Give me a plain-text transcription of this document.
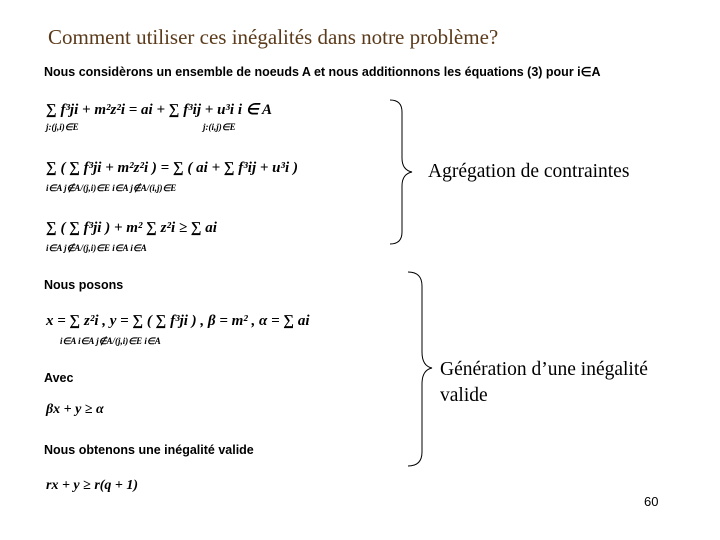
Comment utiliser ces inégalités dans notre problème?
Nous considèrons un ensemble de noeuds A et nous additionnons les équations (3) pour i∈A
∑ f³ji + m²z²i = ai + ∑ f³ij + u³i i ∈ A
j:(j,i)∈E	j:(i,j)∈E
∑ ( ∑ f³ji + m²z²i ) = ∑ ( ai + ∑ f³ij + u³i )
i∈A j∉A/(j,i)∈E i∈A j∉A/(i,j)∈E
∑ ( ∑ f³ji ) + m² ∑ z²i ≥ ∑ ai
i∈A j∉A/(j,i)∈E i∈A i∈A
Nous posons
x = ∑ z²i , y = ∑ ( ∑ f³ji ) , β = m² , α = ∑ ai
i∈A i∈A j∉A/(j,i)∈E i∈A
Avec
βx + y ≥ α
Nous obtenons une inégalité valide
rx + y ≥ r(q + 1)
Agrégation de contraintes
Génération d’une inégalité
valide
60
